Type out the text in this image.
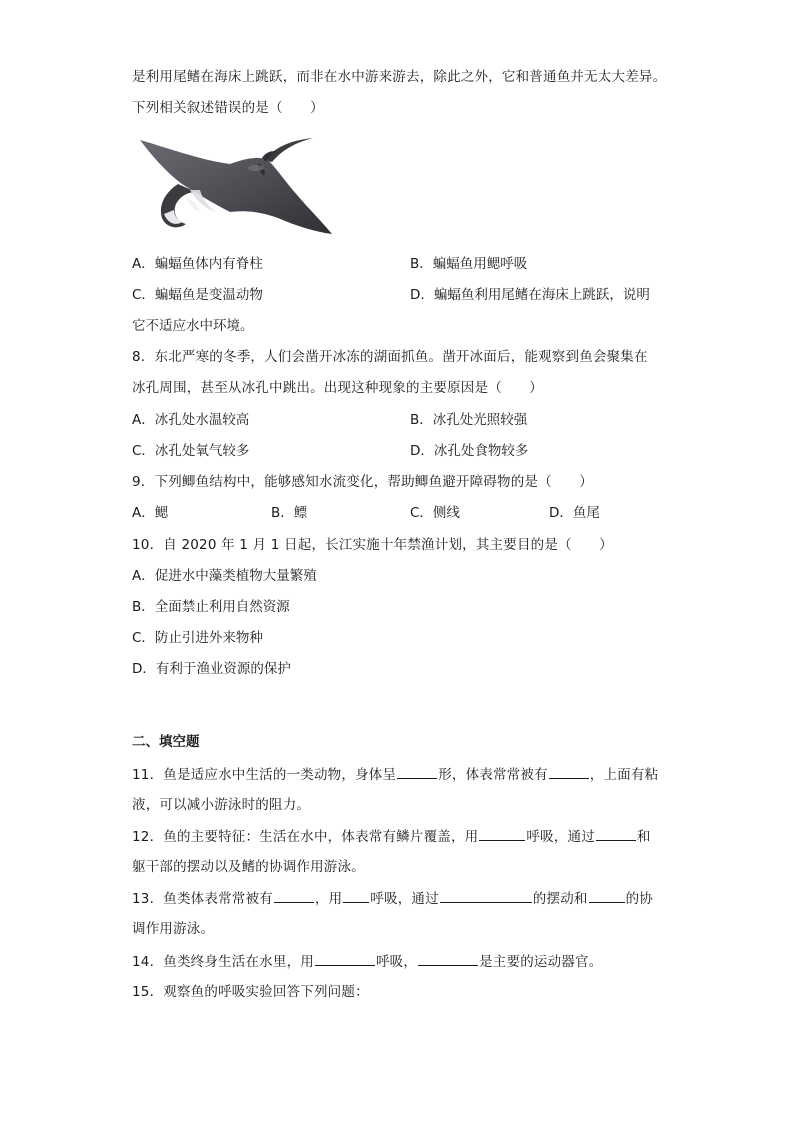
是利用尾鳍在海床上跳跃，而非在水中游来游去，除此之外，它和普通鱼并无太大差异。
下列相关叙述错误的是（　　）
A．蝙蝠鱼体内有脊柱	B．蝙蝠鱼用鳃呼吸
C．蝙蝠鱼是变温动物	D．蝙蝠鱼利用尾鳍在海床上跳跃，说明
它不适应水中环境。
8．东北严寒的冬季，人们会凿开冰冻的湖面抓鱼。凿开冰面后，能观察到鱼会聚集在
冰孔周围，甚至从冰孔中跳出。出现这种现象的主要原因是（　　）
A．冰孔处水温较高	B．冰孔处光照较强
C．冰孔处氧气较多	D．冰孔处食物较多
9．下列鲫鱼结构中，能够感知水流变化，帮助鲫鱼避开障碍物的是（　　）
A．鳃	B．鳔	C．侧线	D．鱼尾
10．自 2020 年 1 月 1 日起，长江实施十年禁渔计划，其主要目的是（　　）
A．促进水中藻类植物大量繁殖
B．全面禁止利用自然资源
C．防止引进外来物种
D．有利于渔业资源的保护
二、填空题
11．鱼是适应水中生活的一类动物，身体呈	形，体表常常被有	，上面有粘
液，可以减小游泳时的阻力。
12．鱼的主要特征：生活在水中，体表常有鳞片覆盖，用	呼吸，通过	和
躯干部的摆动以及鳍的协调作用游泳。
13．鱼类体表常常被有	，用 呼吸，通过	的摆动和	的协
调作用游泳。
14．鱼类终身生活在水里，用	呼吸，	是主要的运动器官。
15．观察鱼的呼吸实验回答下列问题：
